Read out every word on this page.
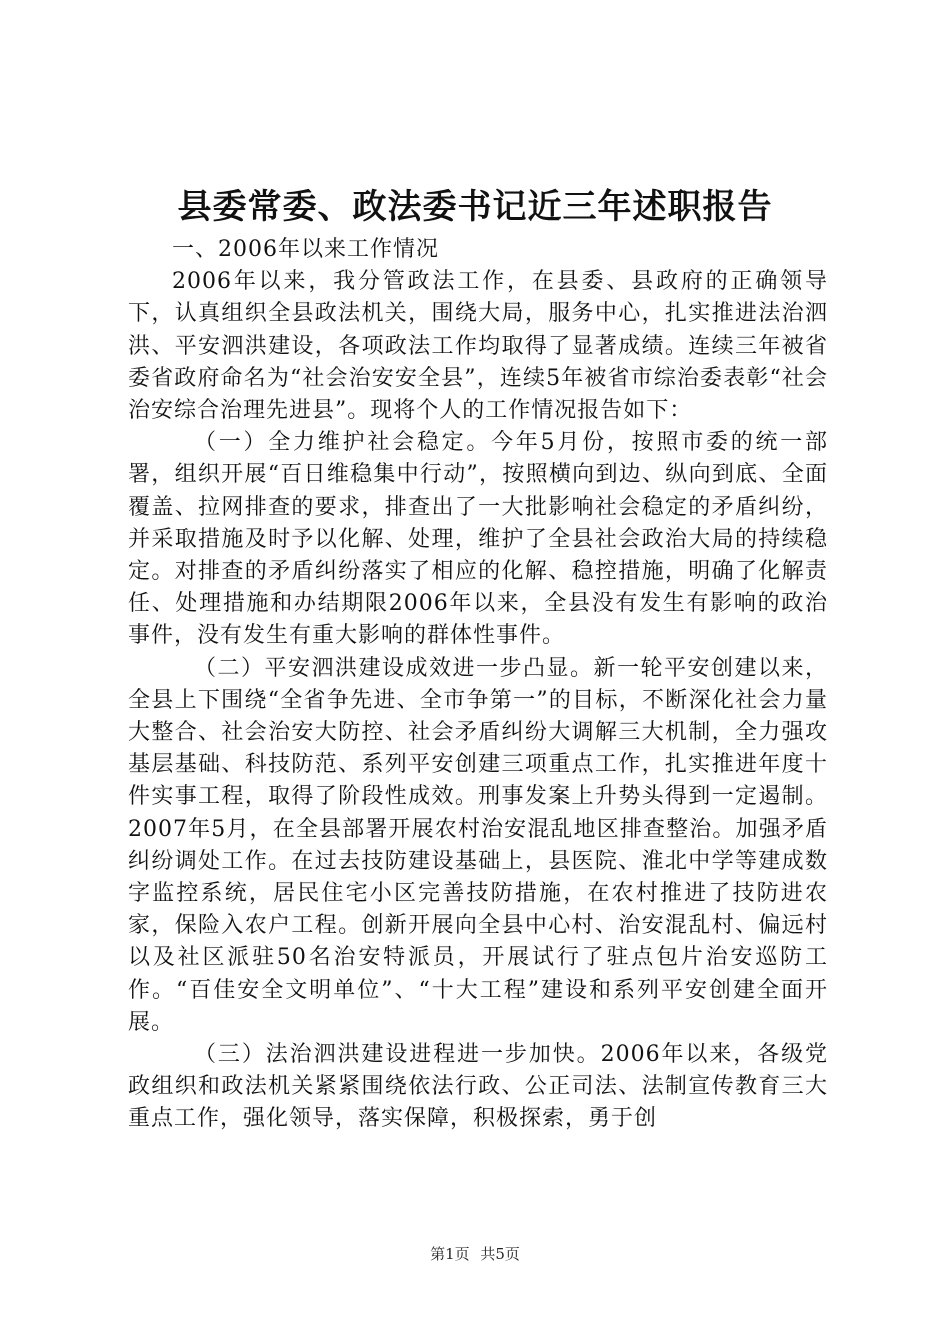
县委常委、政法委书记近三年述职报告

一、2006年以来工作情况

2006年以来，我分管政法工作，在县委、县政府的正确领导下，认真组织全县政法机关，围绕大局，服务中心，扎实推进法治泗洪、平安泗洪建设，各项政法工作均取得了显著成绩。连续三年被省委省政府命名为“社会治安安全县”，连续5年被省市综治委表彰“社会治安综合治理先进县”。现将个人的工作情况报告如下：

（一）全力维护社会稳定。今年5月份，按照市委的统一部署，组织开展“百日维稳集中行动”，按照横向到边、纵向到底、全面覆盖、拉网排查的要求，排查出了一大批影响社会稳定的矛盾纠纷，并采取措施及时予以化解、处理，维护了全县社会政治大局的持续稳定。对排查的矛盾纠纷落实了相应的化解、稳控措施，明确了化解责任、处理措施和办结期限2006年以来，全县没有发生有影响的政治事件，没有发生有重大影响的群体性事件。

（二）平安泗洪建设成效进一步凸显。新一轮平安创建以来，全县上下围绕“全省争先进、全市争第一”的目标，不断深化社会力量大整合、社会治安大防控、社会矛盾纠纷大调解三大机制，全力强攻基层基础、科技防范、系列平安创建三项重点工作，扎实推进年度十件实事工程，取得了阶段性成效。刑事发案上升势头得到一定遏制。2007年5月，在全县部署开展农村治安混乱地区排查整治。加强矛盾纠纷调处工作。在过去技防建设基础上，县医院、淮北中学等建成数字监控系统，居民住宅小区完善技防措施，在农村推进了技防进农家，保险入农户工程。创新开展向全县中心村、治安混乱村、偏远村以及社区派驻50名治安特派员，开展试行了驻点包片治安巡防工作。“百佳安全文明单位”、“十大工程”建设和系列平安创建全面开展。

（三）法治泗洪建设进程进一步加快。2006年以来，各级党政组织和政法机关紧紧围绕依法行政、公正司法、法制宣传教育三大重点工作，强化领导，落实保障，积极探索，勇于创

第1页 共5页
